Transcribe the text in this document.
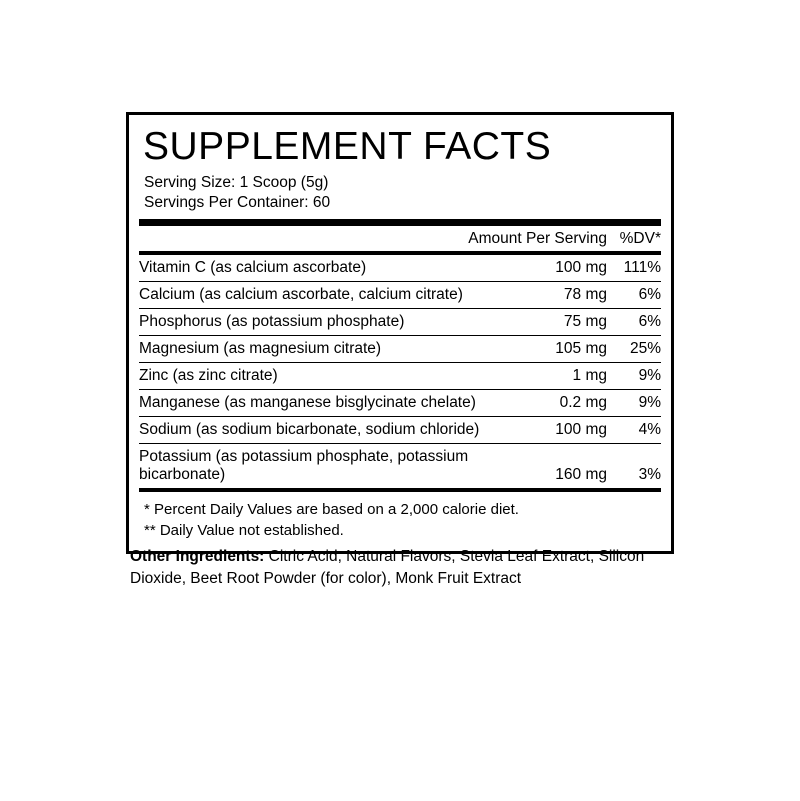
SUPPLEMENT FACTS
Serving Size: 1 Scoop (5g)
Servings Per Container: 60
	Amount Per Serving	%DV*
Vitamin C (as calcium ascorbate)	100 mg	111%
Calcium (as calcium ascorbate, calcium citrate)	78 mg	6%
Phosphorus (as potassium phosphate)	75 mg	6%
Magnesium (as magnesium citrate)	105 mg	25%
Zinc (as zinc citrate)	1 mg	9%
Manganese (as manganese bisglycinate chelate)	0.2 mg	9%
Sodium (as sodium bicarbonate, sodium chloride)	100 mg	4%
Potassium (as potassium phosphate, potassium bicarbonate)	160 mg	3%
* Percent Daily Values are based on a 2,000 calorie diet.
** Daily Value not established.
Other Ingredients: Citric Acid, Natural Flavors, Stevia Leaf Extract, Silicon Dioxide, Beet Root Powder (for color), Monk Fruit Extract
